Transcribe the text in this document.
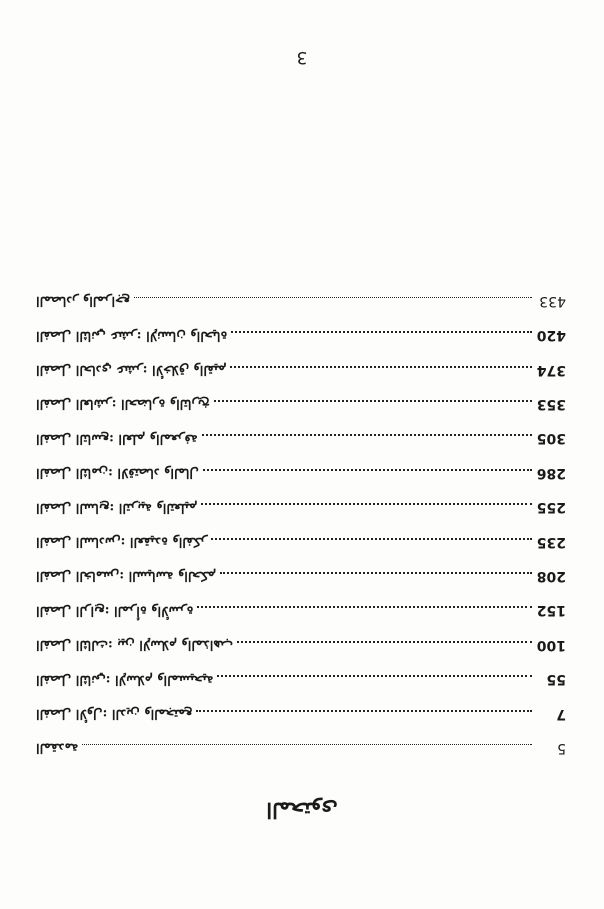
المحتوى
5
المقدمة
7
الفصل الأول: الدين والمجتمع
55
الفصل الثاني: الإسلام والمسيحية
100
الفصل الثالث: بين الإسلام والمذاهب
152
الفصل الرابع: المرأة والأسرة
208
الفصل الخامس: السياسة والحكم
235
الفصل السادس: العقيدة والفكر
255
الفصل السابع: التربية والتعليم
286
الفصل الثامن: الاقتصاد والمال
305
الفصل التاسع: العلم والمعرفة
353
الفصل العاشر: الحضارة والتاريخ
374
الفصل الحادي عشر: الأخلاق والقيم
420
الفصل الثاني عشر: الإنسان والحياة
433
المصادر والمراجع
3
